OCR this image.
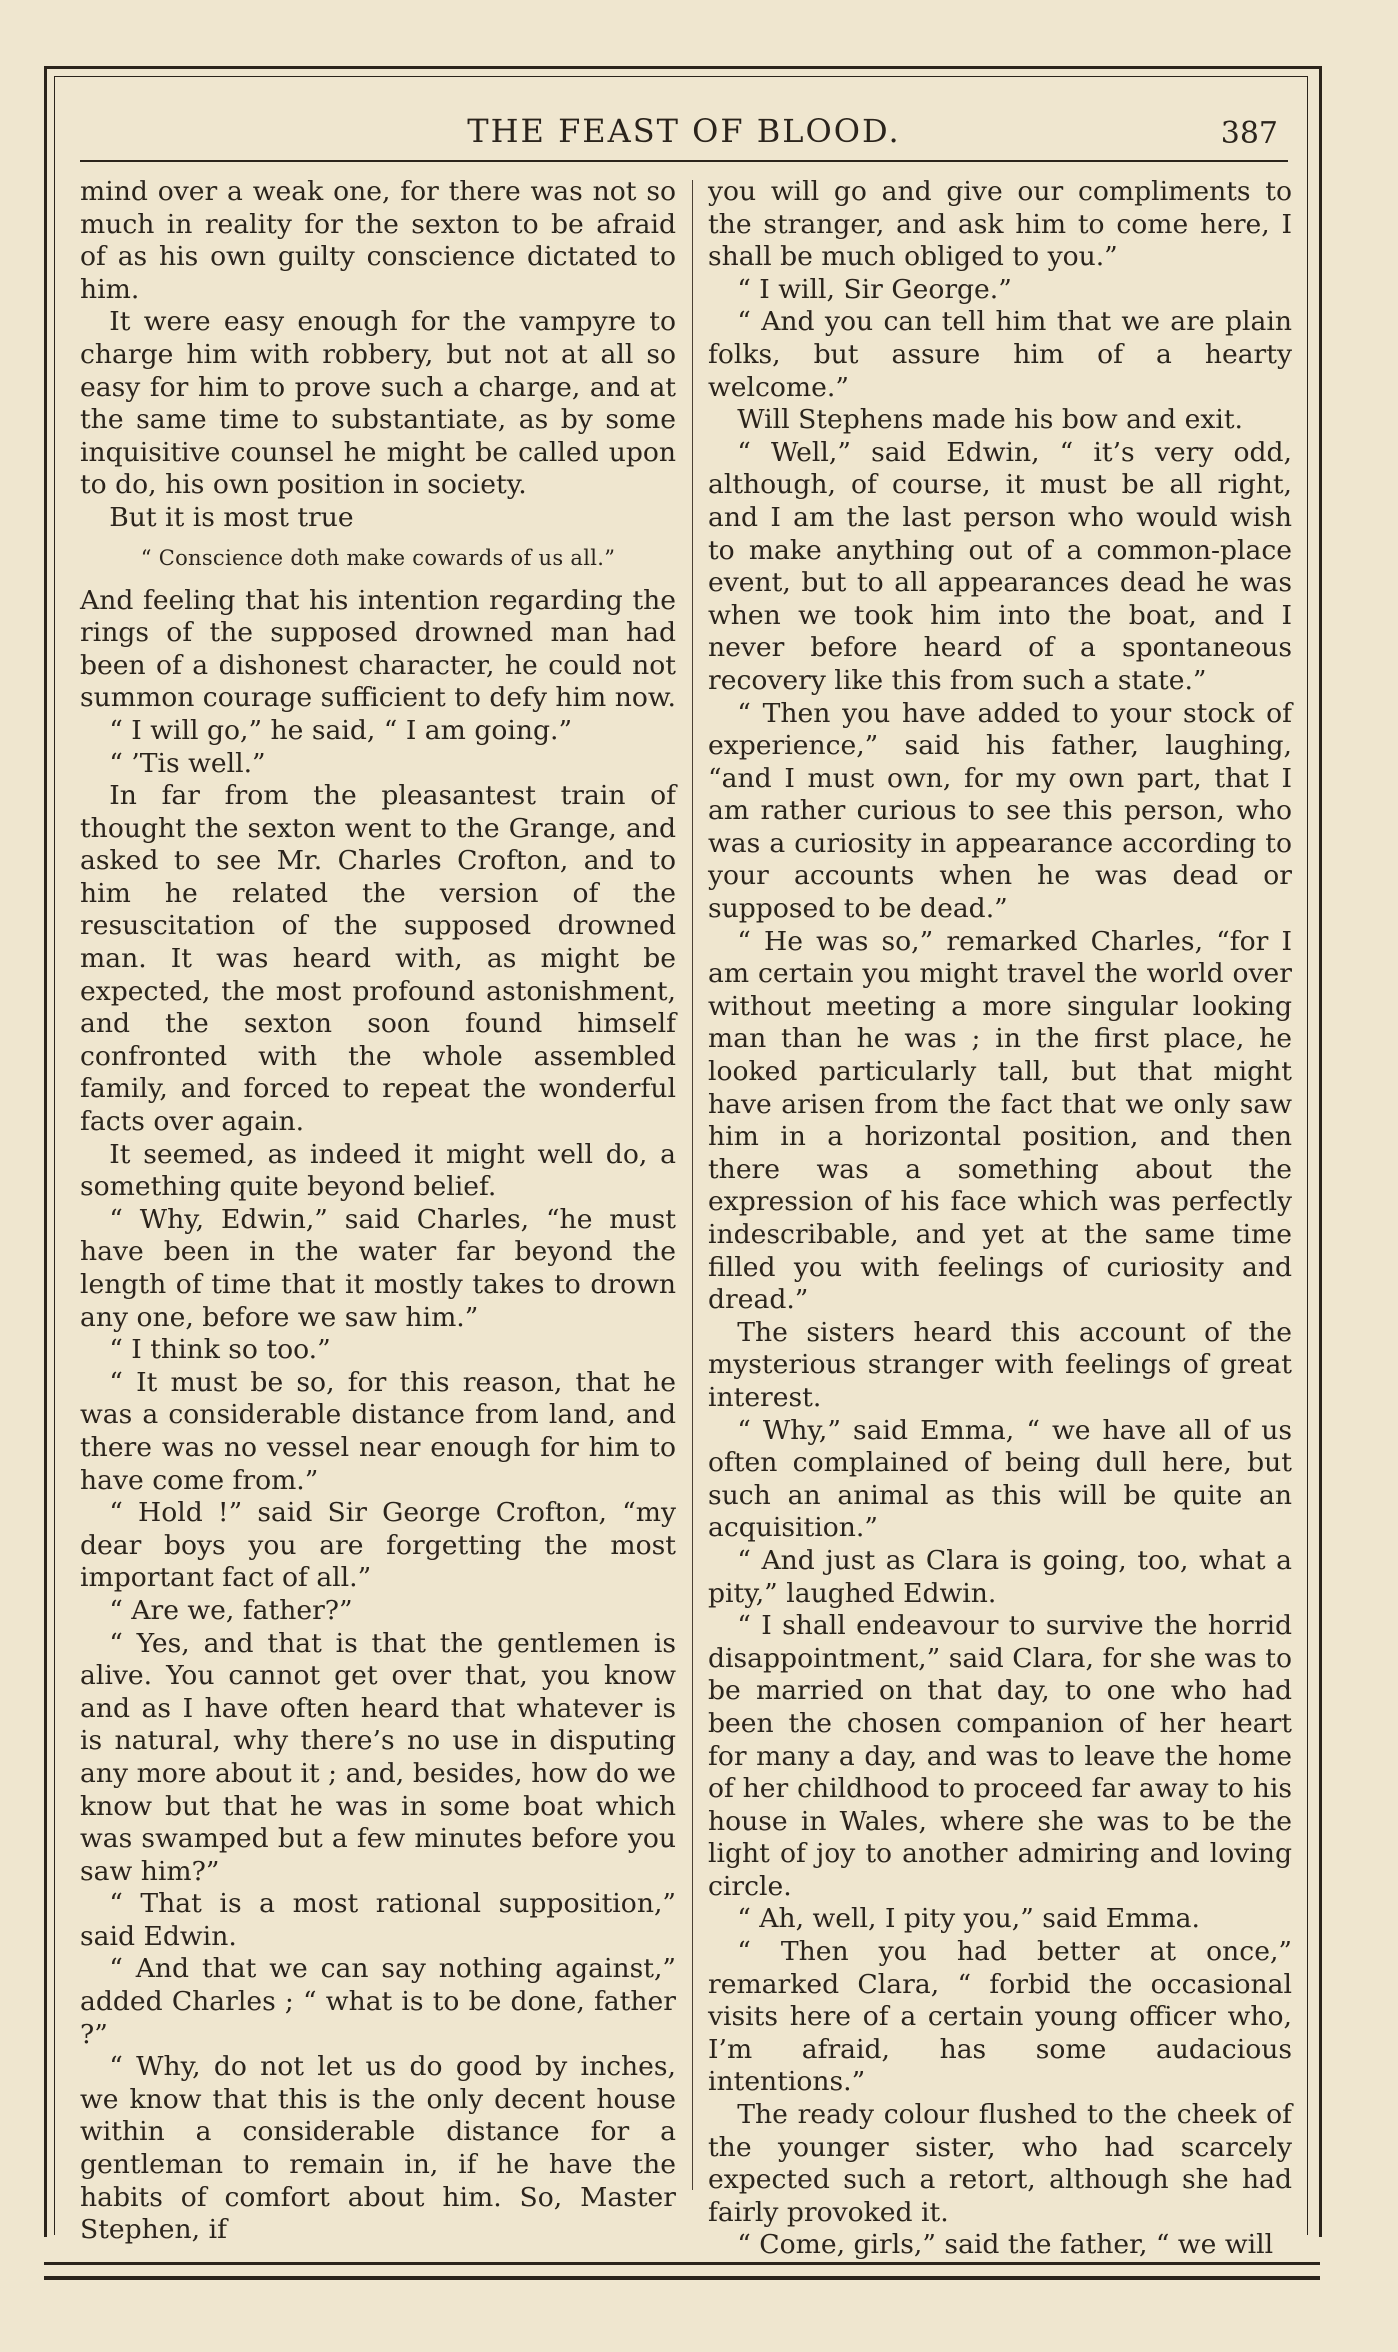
THE FEAST OF BLOOD.	387

mind over a weak one, for there was not so much in reality for the sexton to be afraid of as his own guilty conscience dictated to him.

It were easy enough for the vampyre to charge him with robbery, but not at all so easy for him to prove such a charge, and at the same time to substantiate, as by some inquisitive counsel he might be called upon to do, his own position in society.

But it is most true

“ Conscience doth make cowards of us all.”

And feeling that his intention regarding the rings of the supposed drowned man had been of a dishonest character, he could not summon courage sufficient to defy him now.

“ I will go,” he said, “ I am going.”

“ ’Tis well.”

In far from the pleasantest train of thought the sexton went to the Grange, and asked to see Mr. Charles Crofton, and to him he related the version of the resuscitation of the supposed drowned man. It was heard with, as might be expected, the most profound astonishment, and the sexton soon found himself confronted with the whole assembled family, and forced to repeat the wonderful facts over again.

It seemed, as indeed it might well do, a something quite beyond belief.

“ Why, Edwin,” said Charles, “he must have been in the water far beyond the length of time that it mostly takes to drown any one, before we saw him.”

“ I think so too.”

“ It must be so, for this reason, that he was a considerable distance from land, and there was no vessel near enough for him to have come from.”

“ Hold !” said Sir George Crofton, “my dear boys you are forgetting the most important fact of all.”

“ Are we, father?”

“ Yes, and that is that the gentlemen is alive. You cannot get over that, you know and as I have often heard that whatever is is natural, why there’s no use in disputing any more about it ; and, besides, how do we know but that he was in some boat which was swamped but a few minutes before you saw him?”

“ That is a most rational supposition,” said Edwin.

“ And that we can say nothing against,” added Charles ; “ what is to be done, father ?”

“ Why, do not let us do good by inches, we know that this is the only decent house within a considerable distance for a gentleman to remain in, if he have the habits of comfort about him. So, Master Stephen, if

you will go and give our compliments to the stranger, and ask him to come here, I shall be much obliged to you.”

“ I will, Sir George.”

“ And you can tell him that we are plain folks, but assure him of a hearty welcome.”

Will Stephens made his bow and exit.

“ Well,” said Edwin, “ it’s very odd, although, of course, it must be all right, and I am the last person who would wish to make anything out of a common-place event, but to all appearances dead he was when we took him into the boat, and I never before heard of a spontaneous recovery like this from such a state.”

“ Then you have added to your stock of experience,” said his father, laughing, “and I must own, for my own part, that I am rather curious to see this person, who was a curiosity in appearance according to your accounts when he was dead or supposed to be dead.”

“ He was so,” remarked Charles, “for I am certain you might travel the world over without meeting a more singular looking man than he was ; in the first place, he looked particularly tall, but that might have arisen from the fact that we only saw him in a horizontal position, and then there was a something about the expression of his face which was perfectly indescribable, and yet at the same time filled you with feelings of curiosity and dread.”

The sisters heard this account of the mysterious stranger with feelings of great interest.

“ Why,” said Emma, “ we have all of us often complained of being dull here, but such an animal as this will be quite an acquisition.”

“ And just as Clara is going, too, what a pity,” laughed Edwin.

“ I shall endeavour to survive the horrid disappointment,” said Clara, for she was to be married on that day, to one who had been the chosen companion of her heart for many a day, and was to leave the home of her childhood to proceed far away to his house in Wales, where she was to be the light of joy to another admiring and loving circle.

“ Ah, well, I pity you,” said Emma.

“ Then you had better at once,” remarked Clara, “ forbid the occasional visits here of a certain young officer who, I’m afraid, has some audacious intentions.”

The ready colour flushed to the cheek of the younger sister, who had scarcely expected such a retort, although she had fairly provoked it.

“ Come, girls,” said the father, “ we will
